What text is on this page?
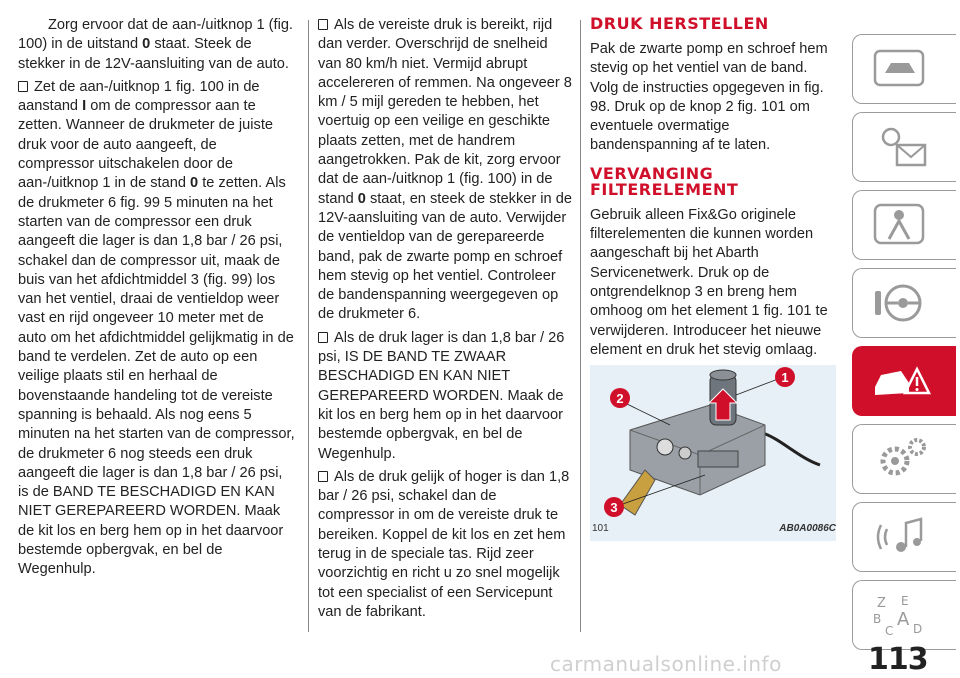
Zorg ervoor dat de aan-/uitknop 1 (fig. 100) in de uitstand 0 staat. Steek de stekker in de 12V-aansluiting van de auto.

Zet de aan-/uitknop 1 fig. 100 in de aanstand I om de compressor aan te zetten. Wanneer de drukmeter de juiste druk voor de auto aangeeft, de compressor uitschakelen door de aan-/uitknop 1 in de stand 0 te zetten. Als de drukmeter 6 fig. 99 5 minuten na het starten van de compressor een druk aangeeft die lager is dan 1,8 bar / 26 psi, schakel dan de compressor uit, maak de buis van het afdichtmiddel 3 (fig. 99) los van het ventiel, draai de ventieldop weer vast en rijd ongeveer 10 meter met de auto om het afdichtmiddel gelijkmatig in de band te verdelen. Zet de auto op een veilige plaats stil en herhaal de bovenstaande handeling tot de vereiste spanning is behaald. Als nog eens 5 minuten na het starten van de compressor, de drukmeter 6 nog steeds een druk aangeeft die lager is dan 1,8 bar / 26 psi, is de BAND TE BESCHADIGD EN KAN NIET GEREPAREERD WORDEN. Maak de kit los en berg hem op in het daarvoor bestemde opbergvak, en bel de Wegenhulp.

Als de vereiste druk is bereikt, rijd dan verder. Overschrijd de snelheid van 80 km/h niet. Vermijd abrupt accelereren of remmen. Na ongeveer 8 km / 5 mijl gereden te hebben, het voertuig op een veilige en geschikte plaats zetten, met de handrem aangetrokken. Pak de kit, zorg ervoor dat de aan-/uitknop 1 (fig. 100) in de stand 0 staat, en steek de stekker in de 12V-aansluiting van de auto. Verwijder de ventieldop van de gerepareerde band, pak de zwarte pomp en schroef hem stevig op het ventiel. Controleer de bandenspanning weergegeven op de drukmeter 6.

Als de druk lager is dan 1,8 bar / 26 psi, IS DE BAND TE ZWAAR BESCHADIGD EN KAN NIET GEREPAREERD WORDEN. Maak de kit los en berg hem op in het daarvoor bestemde opbergvak, en bel de Wegenhulp.

Als de druk gelijk of hoger is dan 1,8 bar / 26 psi, schakel dan de compressor in om de vereiste druk te bereiken. Koppel de kit los en zet hem terug in de speciale tas. Rijd zeer voorzichtig en richt u zo snel mogelijk tot een specialist of een Servicepunt van de fabrikant.

DRUK HERSTELLEN

Pak de zwarte pomp en schroef hem stevig op het ventiel van de band. Volg de instructies opgegeven in fig. 98. Druk op de knop 2 fig. 101 om eventuele overmatige bandenspanning af te laten.

VERVANGING
FILTERELEMENT

Gebruik alleen Fix&Go originele filterelementen die kunnen worden aangeschaft bij het Abarth Servicenetwerk. Druk op de ontgrendelknop 3 en breng hem omhoog om het element 1 fig. 101 te verwijderen. Introduceer het nieuwe element en druk het stevig omlaag.

2
1
3
101	AB0A0086C
Z E
B A
C D
carmanualsonline.info	113
